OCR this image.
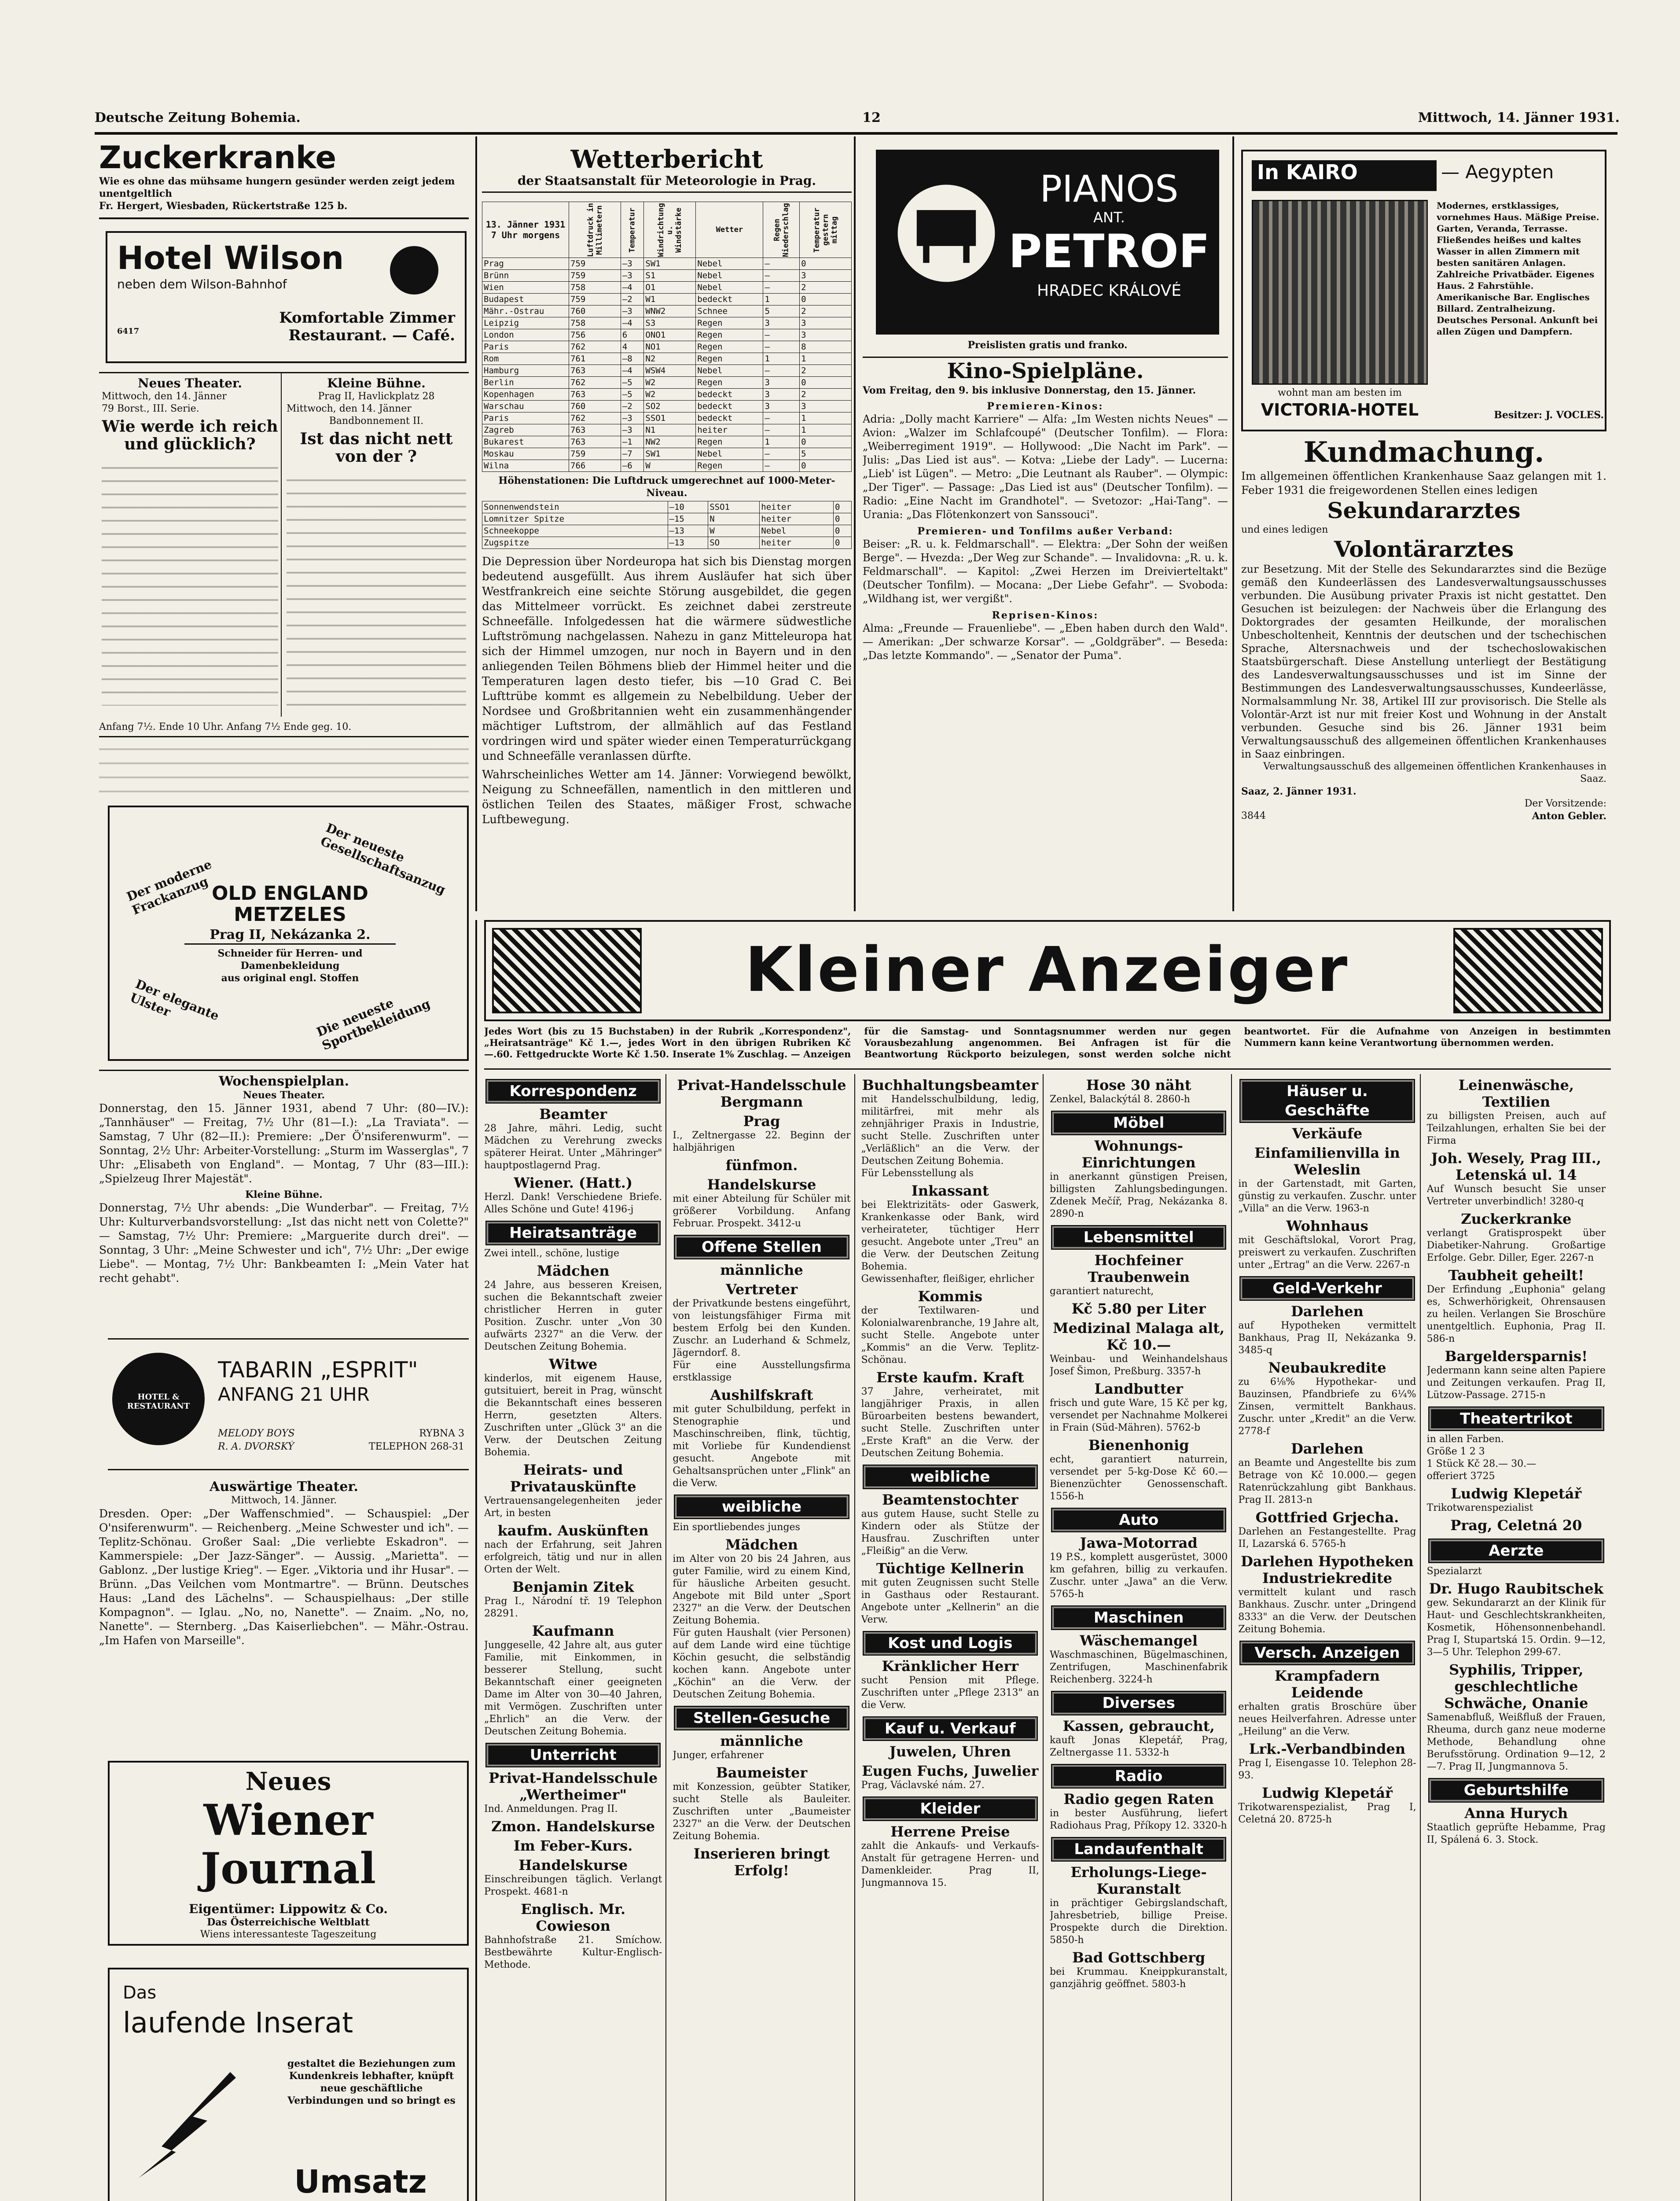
Deutsche Zeitung Bohemia.	12	Mittwoch, 14. Jänner 1931.
Zuckerkranke
Wie es ohne das mühsame hungern gesünder werden zeigt jedem unentgeltlich
Fr. Hergert, Wiesbaden, Rückertstraße 125 b.
Hotel Wilson
neben dem Wilson-Bahnhof
Komfortable Zimmer
6417	Restaurant. — Café.
Neues Theater.
Mittwoch, den 14. Jänner
79 Borst., III. Serie.
Wie werde ich reich und glücklich?
Kleine Bühne.
Prag II, Havlickplatz 28
Mittwoch, den 14. Jänner
Bandbonnement II.
Ist das nicht nett von der ?
Anfang 7½. Ende 10 Uhr. Anfang 7½ Ende geg. 10.
Der moderne Frackanzug
Der neueste Gesellschaftsanzug
OLD ENGLAND
METZELES
Prag II, Nekázanka 2.
Schneider für Herren- und
Damenbekleidung
aus original engl. Stoffen
Der elegante Ulster	Die neueste Sportbekleidung
Wochenspielplan.
Neues Theater.
Donnerstag, den 15. Jänner 1931, abend 7 Uhr: (80—IV.): „Tannhäuser" — Freitag, 7½ Uhr (81—I.): „La Traviata". — Samstag, 7 Uhr (82—II.): Premiere: „Der Ö'nsiferenwurm". — Sonntag, 2½ Uhr: Arbeiter-Vorstellung: „Sturm im Wasserglas", 7 Uhr: „Elisabeth von England". — Montag, 7 Uhr (83—III.): „Spielzeug Ihrer Majestät".
Kleine Bühne.
Donnerstag, 7½ Uhr abends: „Die Wunderbar". — Freitag, 7½ Uhr: Kulturverbandsvorstellung: „Ist das nicht nett von Colette?" — Samstag, 7½ Uhr: Premiere: „Marguerite durch drei". — Sonntag, 3 Uhr: „Meine Schwester und ich", 7½ Uhr: „Der ewige Liebe". — Montag, 7½ Uhr: Bankbeamten I: „Mein Vater hat recht gehabt".
HOTEL & RESTAURANT
TABARIN „ESPRIT"
ANFANG 21 UHR
MELODY BOYS
R. A. DVORSKÝ
RYBNA 3
TELEPHON 268-31
Auswärtige Theater.
Mittwoch, 14. Jänner.
Dresden. Oper: „Der Waffenschmied". — Schauspiel: „Der O'nsiferenwurm". — Reichenberg. „Meine Schwester und ich". — Teplitz-Schönau. Großer Saal: „Die verliebte Eskadron". — Kammerspiele: „Der Jazz-Sänger". — Aussig. „Marietta". — Gablonz. „Der lustige Krieg". — Eger. „Viktoria und ihr Husar". — Brünn. „Das Veilchen vom Montmartre". — Brünn. Deutsches Haus: „Land des Lächelns". — Schauspielhaus: „Der stille Kompagnon". — Iglau. „No, no, Nanette". — Znaim. „No, no, Nanette". — Sternberg. „Das Kaiserliebchen". — Mähr.-Ostrau. „Im Hafen von Marseille".
Neues
Wiener Journal
Eigentümer: Lippowitz & Co.
Das Österreichische Weltblatt
Wiens interessanteste Tageszeitung
Das
laufende Inserat
gestaltet die Beziehungen zum Kundenkreis lebhafter, knüpft neue geschäftliche Verbindungen und so bringt es
Umsatz
Wetterbericht
der Staatsanstalt für Meteorologie in Prag.
13. Jänner 1931 7 Uhr morgens	Luftdruck in Millimetern	Temperatur	Windrichtung u. Windstärke	Wetter	Regen Niederschlag	Temperatur gestern mittag
Prag	759	—3	SW1	Nebel	—	0
Brünn	759	—3	S1	Nebel	—	3
Wien	758	—4	O1	Nebel	—	2
Budapest	759	—2	W1	bedeckt	1	0
Mähr.-Ostrau	760	—3	WNW2	Schnee	5	2
Leipzig	758	—4	S3	Regen	3	3
London	756	6	ONO1	Regen	—	3
Paris	762	4	NO1	Regen	—	8
Rom	761	—8	N2	Regen	1	1
Hamburg	763	—4	WSW4	Nebel	—	2
Berlin	762	—5	W2	Regen	3	0
Kopenhagen	763	—5	W2	bedeckt	3	2
Warschau	760	—2	SO2	bedeckt	3	3
Paris	762	—3	SSO1	bedeckt	—	1
Zagreb	763	—3	N1	heiter	—	1
Bukarest	763	—1	NW2	Regen	1	0
Moskau	759	—7	SW1	Nebel	—	5
Wilna	766	—6	W	Regen	—	0
Höhenstationen: Die Luftdruck umgerechnet auf 1000-Meter-Niveau.
Sonnenwendstein	—10	SSO1	heiter	0
Lomnitzer Spitze	—15	N	heiter	0
Schneekoppe	—13	W	Nebel	0
Zugspitze	—13	SO	heiter	0
Die Depression über Nordeuropa hat sich bis Dienstag morgen bedeutend ausgefüllt. Aus ihrem Ausläufer hat sich über Westfrankreich eine seichte Störung ausgebildet, die gegen das Mittelmeer vorrückt. Es zeichnet dabei zerstreute Schneefälle. Infolgedessen hat die wärmere südwestliche Luftströmung nachgelassen. Nahezu in ganz Mitteleuropa hat sich der Himmel umzogen, nur noch in Bayern und in den anliegenden Teilen Böhmens blieb der Himmel heiter und die Temperaturen lagen desto tiefer, bis —10 Grad C. Bei Lufttrübe kommt es allgemein zu Nebelbildung. Ueber der Nordsee und Großbritannien weht ein zusammenhängender mächtiger Luftstrom, der allmählich auf das Festland vordringen wird und später wieder einen Temperaturrückgang und Schneefälle veranlassen dürfte.
Wahrscheinliches Wetter am 14. Jänner: Vorwiegend bewölkt, Neigung zu Schneefällen, namentlich in den mittleren und östlichen Teilen des Staates, mäßiger Frost, schwache Luftbewegung.
PIANOS
ANT.
PETROF
HRADEC KRÁLOVÉ
Preislisten gratis und franko.
Kino-Spielpläne.
Vom Freitag, den 9. bis inklusive Donnerstag, den 15. Jänner.
Premieren-Kinos:
Adria: „Dolly macht Karriere" — Alfa: „Im Westen nichts Neues" — Avion: „Walzer im Schlafcoupé" (Deutscher Tonfilm). — Flora: „Weiberregiment 1919". — Hollywood: „Die Nacht im Park". — Julis: „Das Lied ist aus". — Kotva: „Liebe der Lady". — Lucerna: „Lieb' ist Lügen". — Metro: „Die Leutnant als Rauber". — Olympic: „Der Tiger". — Passage: „Das Lied ist aus" (Deutscher Tonfilm). — Radio: „Eine Nacht im Grandhotel". — Svetozor: „Hai-Tang". — Urania: „Das Flötenkonzert von Sanssouci".
Premieren- und Tonfilms außer Verband:
Beiser: „R. u. k. Feldmarschall". — Elektra: „Der Sohn der weißen Berge". — Hvezda: „Der Weg zur Schande". — Invalidovna: „R. u. k. Feldmarschall". — Kapitol: „Zwei Herzen im Dreivierteltakt" (Deutscher Tonfilm). — Mocana: „Der Liebe Gefahr". — Svoboda: „Wildhang ist, wer vergißt".
Reprisen-Kinos:
Alma: „Freunde — Frauenliebe". — „Eben haben durch den Wald". — Amerikan: „Der schwarze Korsar". — „Goldgräber". — Beseda: „Das letzte Kommando". — „Senator der Puma".
In KAIRO	— Aegypten
Modernes, erstklassiges, vornehmes Haus. Mäßige Preise. Garten, Veranda, Terrasse. Fließendes heißes und kaltes Wasser in allen Zimmern mit besten sanitären Anlagen. Zahlreiche Privatbäder. Eigenes Haus. 2 Fahrstühle. Amerikanische Bar. Englisches Billard. Zentralheizung. Deutsches Personal. Ankunft bei allen Zügen und Dampfern.
Besitzer: J. VOCLES.
wohnt man am besten im
VICTORIA-HOTEL
Kundmachung.
Im allgemeinen öffentlichen Krankenhause Saaz gelangen mit 1. Feber 1931 die freigewordenen Stellen eines ledigen
Sekundararztes
und eines ledigen
Volontärarztes
zur Besetzung. Mit der Stelle des Sekundararztes sind die Bezüge gemäß den Kundeerlässen des Landesverwaltungsausschusses verbunden. Die Ausübung privater Praxis ist nicht gestattet. Den Gesuchen ist beizulegen: der Nachweis über die Erlangung des Doktorgrades der gesamten Heilkunde, der moralischen Unbescholtenheit, Kenntnis der deutschen und der tschechischen Sprache, Altersnachweis und der tschechoslowakischen Staatsbürgerschaft. Diese Anstellung unterliegt der Bestätigung des Landesverwaltungsausschusses und ist im Sinne der Bestimmungen des Landesverwaltungsausschusses, Kundeerlässe, Normalsammlung Nr. 38, Artikel III zur provisorisch. Die Stelle als Volontär-Arzt ist nur mit freier Kost und Wohnung in der Anstalt verbunden. Gesuche sind bis 26. Jänner 1931 beim Verwaltungsausschuß des allgemeinen öffentlichen Krankenhauses in Saaz einbringen.
Verwaltungsausschuß des allgemeinen öffentlichen Krankenhauses in Saaz.
Saaz, 2. Jänner 1931.
Der Vorsitzende:
3844	Anton Gebler.
Kleiner Anzeiger
Jedes Wort (bis zu 15 Buchstaben) in der Rubrik „Korrespondenz", „Heiratsanträge" Kč 1.—, jedes Wort in den übrigen Rubriken Kč —.60. Fettgedruckte Worte Kč 1.50. Inserate 1% Zuschlag. — Anzeigen für die Samstag- und Sonntagsnummer werden nur gegen Vorausbezahlung angenommen. Bei Anfragen ist für die Beantwortung Rückporto beizulegen, sonst werden solche nicht beantwortet. Für die Aufnahme von Anzeigen in bestimmten Nummern kann keine Verantwortung übernommen werden.
Korrespondenz
Beamter
28 Jahre, mähri. Ledig, sucht Mädchen zu Verehrung zwecks späterer Heirat. Unter „Mähringer" hauptpostlagernd Prag.
Wiener. (Hatt.)
Herzl. Dank! Verschiedene Briefe. Alles Schöne und Gute! 4196-j
Heiratsanträge
Zwei intell., schöne, lustige
Mädchen
24 Jahre, aus besseren Kreisen, suchen die Bekanntschaft zweier christlicher Herren in guter Position. Zuschr. unter „Von 30 aufwärts 2327" an die Verw. der Deutschen Zeitung Bohemia.
Witwe
kinderlos, mit eigenem Hause, gutsituiert, bereit in Prag, wünscht die Bekanntschaft eines besseren Herrn, gesetzten Alters. Zuschriften unter „Glück 3" an die Verw. der Deutschen Zeitung Bohemia.
Heirats- und Privatauskünfte
Vertrauensangelegenheiten jeder Art, in besten
kaufm. Auskünften
nach der Erfahrung, seit Jahren erfolgreich, tätig und nur in allen Orten der Welt.
Benjamin Zitek
Prag I., Národní tř. 19 Telephon 28291.
Kaufmann
Junggeselle, 42 Jahre alt, aus guter Familie, mit Einkommen, in besserer Stellung, sucht Bekanntschaft einer geeigneten Dame im Alter von 30—40 Jahren, mit Vermögen. Zuschriften unter „Ehrlich" an die Verw. der Deutschen Zeitung Bohemia.
Unterricht
Privat-Handelsschule „Wertheimer"
Ind. Anmeldungen. Prag II.
Zmon. Handelskurse
Im Feber-Kurs.
Handelskurse
Einschreibungen täglich. Verlangt Prospekt. 4681-n
Englisch. Mr. Cowieson
Bahnhofstraße 21. Smíchow. Bestbewährte Kultur-Englisch-Methode.
Privat-Handelsschule Bergmann
Prag
I., Zeltnergasse 22. Beginn der halbjährigen
fünfmon.
Handelskurse
mit einer Abteilung für Schüler mit größerer Vorbildung. Anfang Februar. Prospekt. 3412-u
Offene Stellen
männliche
Vertreter
der Privatkunde bestens eingeführt, von leistungsfähiger Firma mit bestem Erfolg bei den Kunden. Zuschr. an Luderhand & Schmelz, Jägerndorf. 8.
Für eine Ausstellungsfirma erstklassige
Aushilfskraft
mit guter Schulbildung, perfekt in Stenographie und Maschinschreiben, flink, tüchtig, mit Vorliebe für Kundendienst gesucht. Angebote mit Gehaltsansprüchen unter „Flink" an die Verw.
weibliche
Ein sportliebendes junges
Mädchen
im Alter von 20 bis 24 Jahren, aus guter Familie, wird zu einem Kind, für häusliche Arbeiten gesucht. Angebote mit Bild unter „Sport 2327" an die Verw. der Deutschen Zeitung Bohemia.
Für guten Haushalt (vier Personen) auf dem Lande wird eine tüchtige Köchin gesucht, die selbständig kochen kann. Angebote unter „Köchin" an die Verw. der Deutschen Zeitung Bohemia.
Stellen-Gesuche
männliche
Junger, erfahrener
Baumeister
mit Konzession, geübter Statiker, sucht Stelle als Bauleiter. Zuschriften unter „Baumeister 2327" an die Verw. der Deutschen Zeitung Bohemia.
Inserieren bringt Erfolg!
Buchhaltungsbeamter
mit Handelsschulbildung, ledig, militärfrei, mit mehr als zehnjähriger Praxis in Industrie, sucht Stelle. Zuschriften unter „Verläßlich" an die Verw. der Deutschen Zeitung Bohemia.
Für Lebensstellung als
Inkassant
bei Elektrizitäts- oder Gaswerk, Krankenkasse oder Bank, wird verheirateter, tüchtiger Herr gesucht. Angebote unter „Treu" an die Verw. der Deutschen Zeitung Bohemia.
Gewissenhafter, fleißiger, ehrlicher
Kommis
der Textilwaren- und Kolonialwarenbranche, 19 Jahre alt, sucht Stelle. Angebote unter „Kommis" an die Verw. Teplitz-Schönau.
Erste kaufm. Kraft
37 Jahre, verheiratet, mit langjähriger Praxis, in allen Büroarbeiten bestens bewandert, sucht Stelle. Zuschriften unter „Erste Kraft" an die Verw. der Deutschen Zeitung Bohemia.
weibliche
Beamtenstochter
aus gutem Hause, sucht Stelle zu Kindern oder als Stütze der Hausfrau. Zuschriften unter „Fleißig" an die Verw.
Tüchtige Kellnerin
mit guten Zeugnissen sucht Stelle in Gasthaus oder Restaurant. Angebote unter „Kellnerin" an die Verw.
Kost und Logis
Kränklicher Herr
sucht Pension mit Pflege. Zuschriften unter „Pflege 2313" an die Verw.
Kauf u. Verkauf
Juwelen, Uhren
Eugen Fuchs, Juwelier
Prag, Václavské nám. 27.
Kleider
Herrene Preise
zahlt die Ankaufs- und Verkaufs-Anstalt für getragene Herren- und Damenkleider. Prag II, Jungmannova 15.
Hose 30 näht
Zenkel, Balackýtál 8. 2860-h
Möbel
Wohnungs-Einrichtungen
in anerkannt günstigen Preisen, billigsten Zahlungsbedingungen. Zdenek Mečíř, Prag, Nekázanka 8. 2890-n
Lebensmittel
Hochfeiner Traubenwein
garantiert naturecht,
Kč 5.80 per Liter
Medizinal Malaga alt, Kč 10.—
Weinbau- und Weinhandelshaus Josef Šimon, Preßburg. 3357-h
Landbutter
frisch und gute Ware, 15 Kč per kg, versendet per Nachnahme Molkerei in Frain (Süd-Mähren). 5762-b
Bienenhonig
echt, garantiert naturrein, versendet per 5-kg-Dose Kč 60.— Bienenzüchter Genossenschaft. 1556-h
Auto
Jawa-Motorrad
19 P.S., komplett ausgerüstet, 3000 km gefahren, billig zu verkaufen. Zuschr. unter „Jawa" an die Verw. 5765-h
Maschinen
Wäschemangel
Waschmaschinen, Bügelmaschinen, Zentrifugen, Maschinenfabrik Reichenberg. 3224-h
Diverses
Kassen, gebraucht,
kauft Jonas Klepetář, Prag, Zeltnergasse 11. 5332-h
Radio
Radio gegen Raten
in bester Ausführung, liefert Radiohaus Prag, Příkopy 12. 3320-h
Landaufenthalt
Erholungs-Liege-Kuranstalt
in prächtiger Gebirgslandschaft, Jahresbetrieb, billige Preise. Prospekte durch die Direktion. 5850-h
Bad Gottschberg
bei Krummau. Kneippkuranstalt, ganzjährig geöffnet. 5803-h
Häuser u. Geschäfte
Verkäufe
Einfamilienvilla in Weleslin
in der Gartenstadt, mit Garten, günstig zu verkaufen. Zuschr. unter „Villa" an die Verw. 1963-n
Wohnhaus
mit Geschäftslokal, Vorort Prag, preiswert zu verkaufen. Zuschriften unter „Ertrag" an die Verw. 2267-n
Geld-Verkehr
Darlehen
auf Hypotheken vermittelt Bankhaus, Prag II, Nekázanka 9. 3485-q
Neubaukredite
zu 6⅛% Hypothekar- und Bauzinsen, Pfandbriefe zu 6¼% Zinsen, vermittelt Bankhaus. Zuschr. unter „Kredit" an die Verw. 2778-f
Darlehen
an Beamte und Angestellte bis zum Betrage von Kč 10.000.— gegen Ratenrückzahlung gibt Bankhaus. Prag II. 2813-n
Gottfried Grjecha.
Darlehen an Festangestellte. Prag II, Lazarská 6. 5765-h
Darlehen Hypotheken Industriekredite
vermittelt kulant und rasch Bankhaus. Zuschr. unter „Dringend 8333" an die Verw. der Deutschen Zeitung Bohemia.
Versch. Anzeigen
Krampfadern Leidende
erhalten gratis Broschüre über neues Heilverfahren. Adresse unter „Heilung" an die Verw.
Lrk.-Verbandbinden
Prag I, Eisengasse 10. Telephon 28-93.
Ludwig Klepetář
Trikotwarenspezialist, Prag I, Celetná 20. 8725-h
Leinenwäsche, Textilien
zu billigsten Preisen, auch auf Teilzahlungen, erhalten Sie bei der Firma
Joh. Wesely, Prag III., Letenská ul. 14
Auf Wunsch besucht Sie unser Vertreter unverbindlich! 3280-q
Zuckerkranke
verlangt Gratisprospekt über Diabetiker-Nahrung. Großartige Erfolge. Gebr. Diller, Eger. 2267-n
Taubheit geheilt!
Der Erfindung „Euphonia" gelang es, Schwerhörigkeit, Ohrensausen zu heilen. Verlangen Sie Broschüre unentgeltlich. Euphonia, Prag II. 586-n
Bargeldersparnis!
Jedermann kann seine alten Papiere und Zeitungen verkaufen. Prag II, Lützow-Passage. 2715-n
Theatertrikot
in allen Farben.
Größe 1 2 3
1 Stück Kč 28.— 30.—
offeriert 3725
Ludwig Klepetář
Trikotwarenspezialist
Prag, Celetná 20
Aerzte
Spezialarzt
Dr. Hugo Raubitschek
gew. Sekundararzt an der Klinik für Haut- und Geschlechtskrankheiten, Kosmetik, Höhensonnenbehandl. Prag I, Stupartská 15. Ordin. 9—12, 3—5 Uhr. Telephon 299-67.
Syphilis, Tripper, geschlechtliche Schwäche, Onanie
Samenabfluß, Weißfluß der Frauen, Rheuma, durch ganz neue moderne Methode, Behandlung ohne Berufsstörung. Ordination 9—12, 2—7. Prag II, Jungmannova 5.
Geburtshilfe
Anna Hurych
Staatlich geprüfte Hebamme, Prag II, Spálená 6. 3. Stock.
